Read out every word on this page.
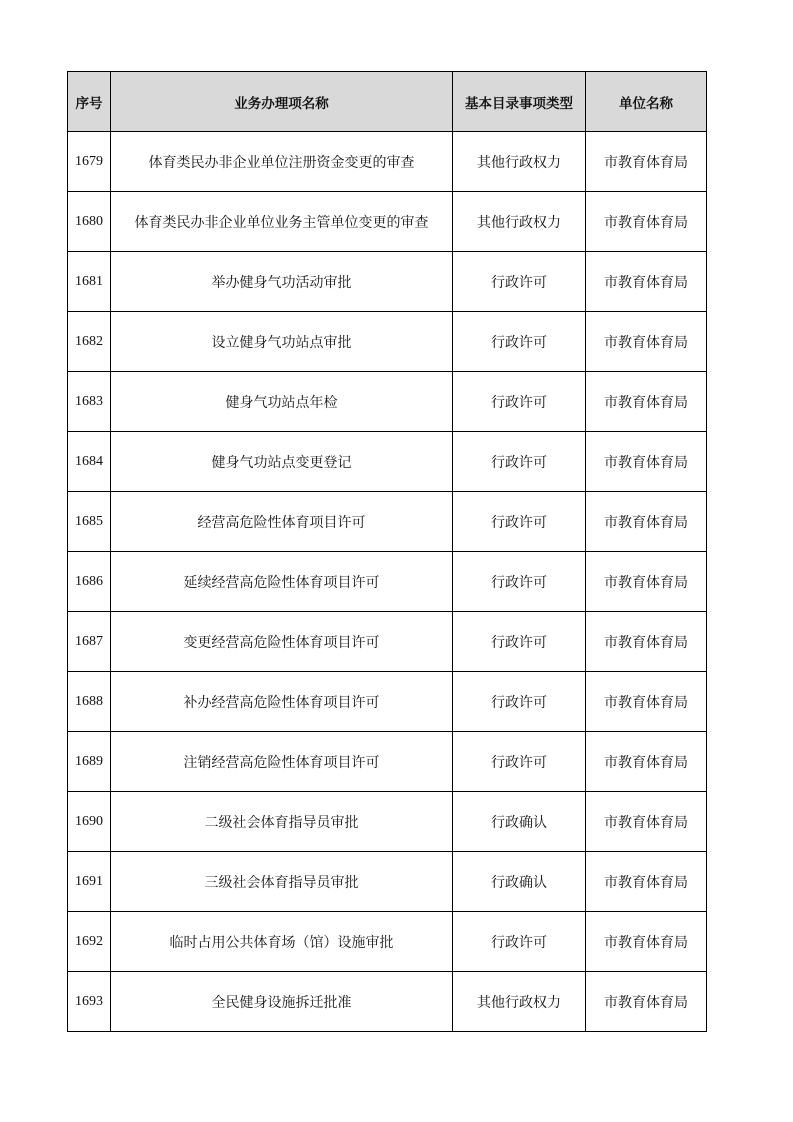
序号	业务办理项名称	基本目录事项类型	单位名称
1679	体育类民办非企业单位注册资金变更的审查	其他行政权力	市教育体育局
1680	体育类民办非企业单位业务主管单位变更的审查	其他行政权力	市教育体育局
1681	举办健身气功活动审批	行政许可	市教育体育局
1682	设立健身气功站点审批	行政许可	市教育体育局
1683	健身气功站点年检	行政许可	市教育体育局
1684	健身气功站点变更登记	行政许可	市教育体育局
1685	经营高危险性体育项目许可	行政许可	市教育体育局
1686	延续经营高危险性体育项目许可	行政许可	市教育体育局
1687	变更经营高危险性体育项目许可	行政许可	市教育体育局
1688	补办经营高危险性体育项目许可	行政许可	市教育体育局
1689	注销经营高危险性体育项目许可	行政许可	市教育体育局
1690	二级社会体育指导员审批	行政确认	市教育体育局
1691	三级社会体育指导员审批	行政确认	市教育体育局
1692	临时占用公共体育场（馆）设施审批	行政许可	市教育体育局
1693	全民健身设施拆迁批准	其他行政权力	市教育体育局
